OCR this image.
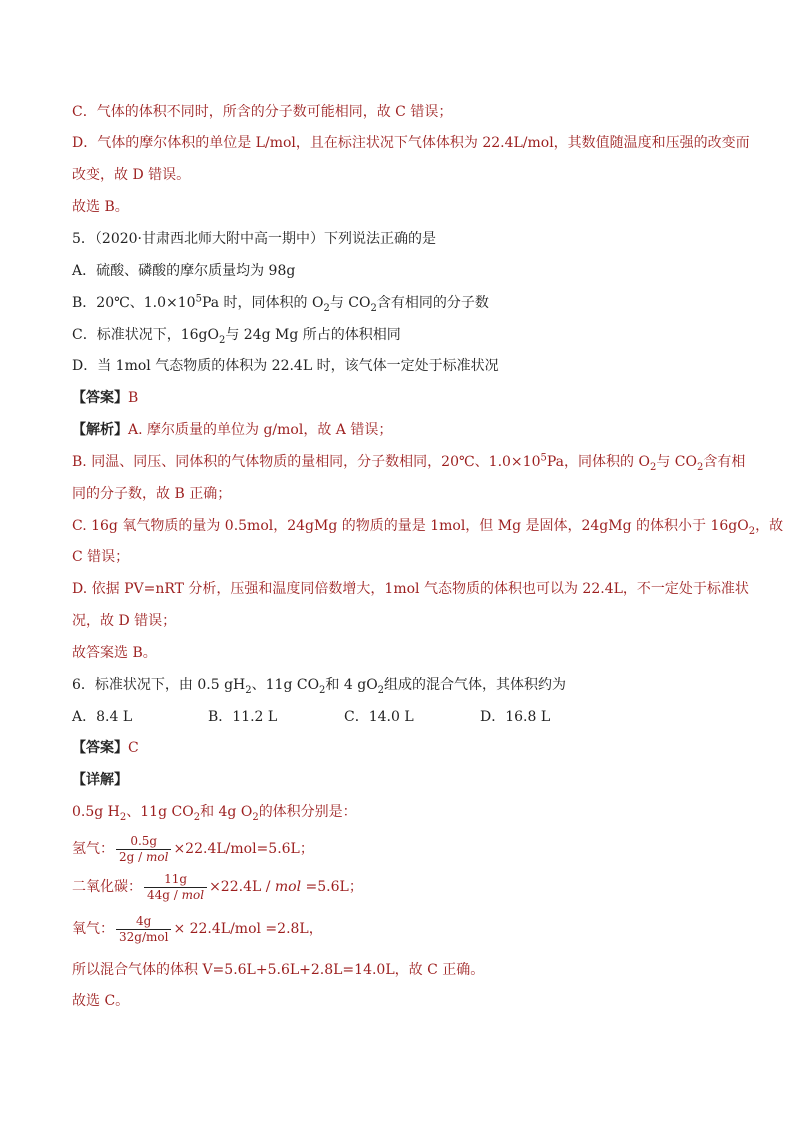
C．气体的体积不同时，所含的分子数可能相同，故 C 错误；
D．气体的摩尔体积的单位是 L/mol，且在标注状况下气体体积为 22.4L/mol，其数值随温度和压强的改变而
改变，故 D 错误。
故选 B。
5．（2020·甘肃西北师大附中高一期中）下列说法正确的是
A．硫酸、磷酸的摩尔质量均为 98g
B．20℃、$1.0\times 10^5Pa$ 时，同体积的 $O_2$与 $CO_2$含有相同的分子数
C．标准状况下，$16gO_2$与 24g Mg 所占的体积相同
D．当 1mol 气态物质的体积为 22.4L 时，该气体一定处于标准状况
【答案】B
【解析】A. 摩尔质量的单位为 g/mol，故 A 错误；
B. 同温、同压、同体积的气体物质的量相同，分子数相同，20℃、$1.0\times 10^5Pa$，同体积的 $O_2$与 $CO_2$含有相
同的分子数，故 B 正确；
C. 16g 氧气物质的量为 0.5mol，24gMg 的物质的量是 1mol，但 Mg 是固体，24gMg 的体积小于 $16gO_2$，故
C 错误；
D. 依据 PV=nRT 分析，压强和温度同倍数增大，1mol 气态物质的体积也可以为 22.4L，不一定处于标准状
况，故 D 错误；
故答案选 B。
6．标准状况下，由 0.5 $gH_2$、11g $CO_2$和 4 $gO_2$组成的混合气体，其体积约为
A．8.4 L	B．11.2 L	C．14.0 L	D．16.8 L
【答案】C
【详解】
0.5g $H_2$、11g $CO_2$和 4g $O_2$的体积分别是：
氢气： $\frac{0.5g}{\text{2g / mol}} \times 22.4L/mol=5.6L$；
二氧化碳： $\frac{11g}{\text{44g / mol}} \times 22.4L$ / mol =5.6L；
氧气： $\frac{4g}{\text{32g/mol}} \times 22.4L/mol =2.8L$，
所以混合气体的体积 V=5.6L+5.6L+2.8L=14.0L，故 C 正确。
故选 C。
